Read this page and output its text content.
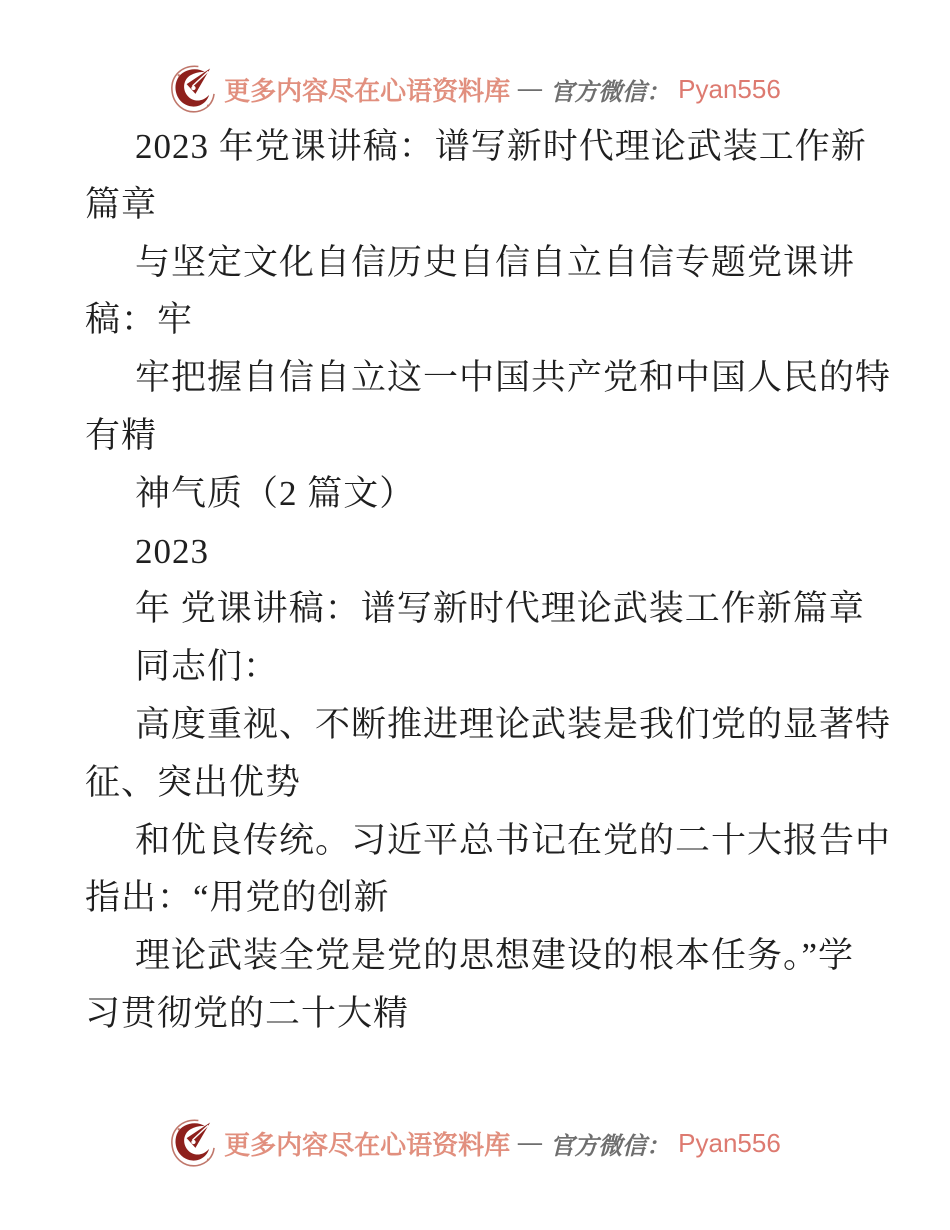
更多内容尽在心语资料库 — 官方微信： Pyan556
2023 年党课讲稿：谱写新时代理论武装工作新
篇章
与坚定文化自信历史自信自立自信专题党课讲
稿：牢
牢把握自信自立这一中国共产党和中国人民的特
有精
神气质（2 篇文）
2023
年 党课讲稿：谱写新时代理论武装工作新篇章
同志们：
高度重视、不断推进理论武装是我们党的显著特
征、突出优势
和优良传统。习近平总书记在党的二十大报告中
指出：“用党的创新
理论武装全党是党的思想建设的根本任务。”学
习贯彻党的二十大精
更多内容尽在心语资料库 — 官方微信： Pyan556
